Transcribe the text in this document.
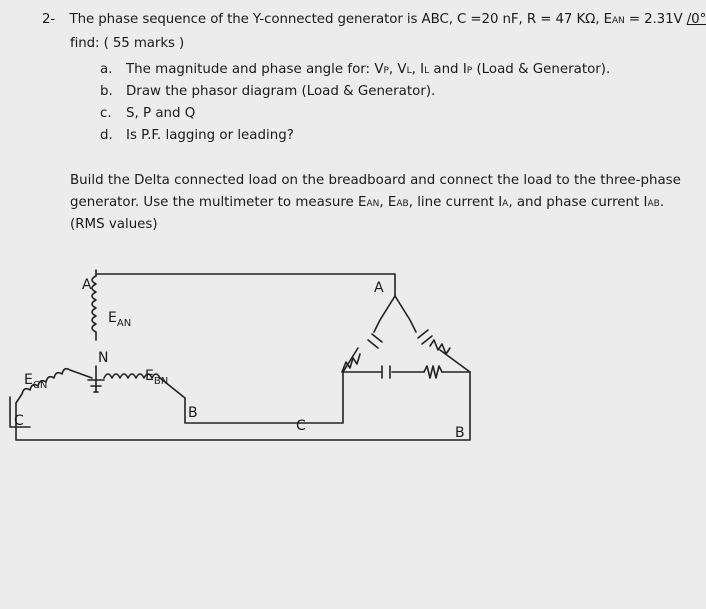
2- The phase sequence of the Y-connected generator is ABC, C =20 nF, R = 47 KΩ, EAN = 2.31V /0°
find: ( 55 marks )
a. The magnitude and phase angle for: VP, VL, IL and IP (Load & Generator).
b. Draw the phasor diagram (Load & Generator).
c. S, P and Q
d. Is P.F. lagging or leading?
Build the Delta connected load on the breadboard and connect the load to the three-phase
generator. Use the multimeter to measure EAN, EAB, line current IA, and phase current IAB.
(RMS values)
A
N
B
C
A
B
C
$E_{AN}$
$E_{BN}$
$E_{CN}$
